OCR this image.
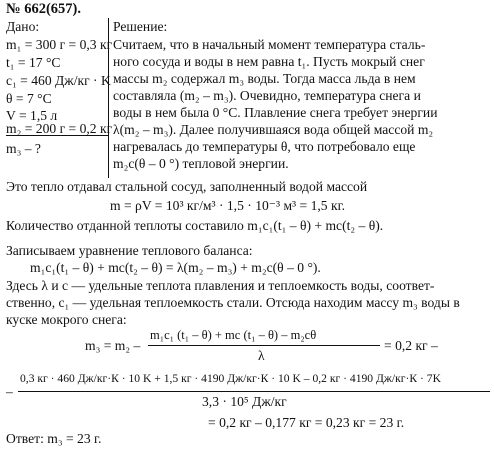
№ 662(657).
Дано:
m₁ = 300 г = 0,3 кг
t₁ = 17 °C
c₁ = 460 Дж/кг · K
θ = 7 °C
V = 1,5 л
m₂ = 200 г = 0,2 кг
m₃ – ?
Решение:
Считаем, что в начальный момент температура сталь-
ного сосуда и воды в нем равна t₁. Пусть мокрый снег
массы m₂ содержал m₃ воды. Тогда масса льда в нем
составляла (m₂ – m₃). Очевидно, температура снега и
воды в нем была 0 °C. Плавление снега требует энергии
λ(m₂ – m₃). Далее получившаяся вода общей массой m₂
нагревалась до температуры θ, что потребовало еще
m₂c(θ – 0 °) тепловой энергии.
Это тепло отдавал стальной сосуд, заполненный водой массой
m = ρV = 10³ кг/м³ · 1,5 · 10⁻³ м³ = 1,5 кг.
Количество отданной теплоты составило m₁c₁(t₁ – θ) + mc(t₂ – θ).
Записываем уравнение теплового баланса:
m₁c₁(t₁ – θ) + mc(t₂ – θ) = λ(m₂ – m₃) + m₂c(θ – 0 °).
Здесь λ и c — удельные теплота плавления и теплоемкость воды, соответ-
ственно, c₁ — удельная теплоемкость стали. Отсюда находим массу m₃ воды в
куске мокрого снега:
m₃ = m₂ –
m₁c₁ (t₁ – θ) + mc (t₁ – θ) – m₂cθ
λ
= 0,2 кг –
–
0,3 кг · 460 Дж/кг·К · 10 K + 1,5 кг · 4190 Дж/кг·К · 10 K – 0,2 кг · 4190 Дж/кг·К · 7K
3,3 · 10⁵ Дж/кг
= 0,2 кг – 0,177 кг = 0,23 кг = 23 г.
Ответ: m₃ = 23 г.
